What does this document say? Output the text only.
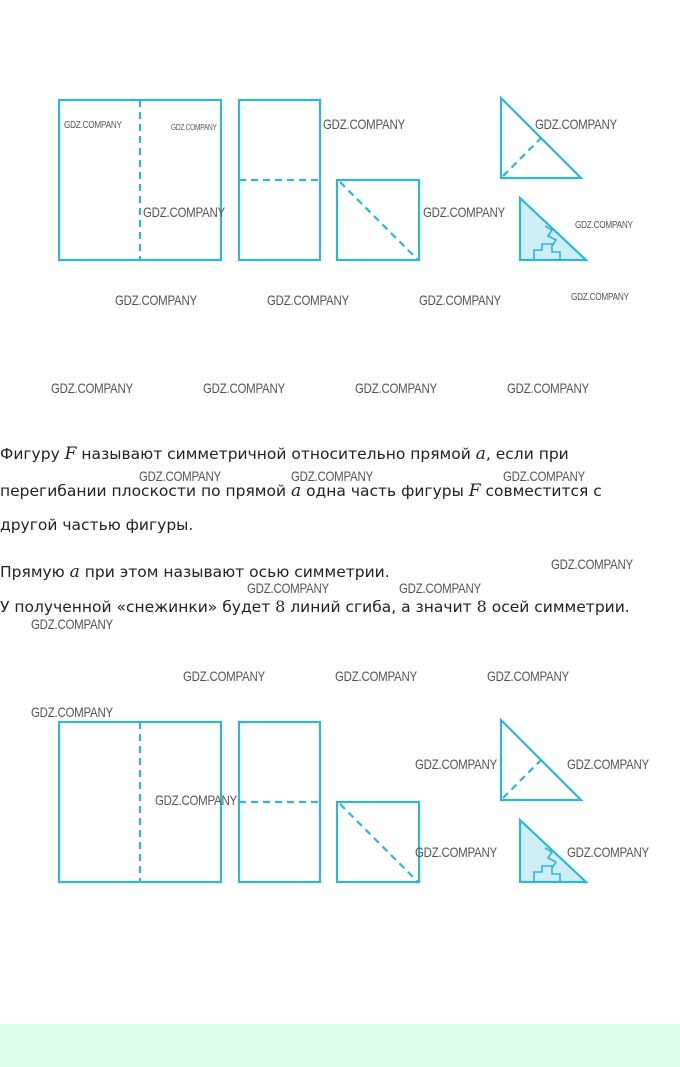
GDZ.COMPANY	GDZ.COMPANY	GDZ.COMPANY	GDZ.COMPANY
GDZ.COMPANY	GDZ.COMPANY
GDZ.COMPANY
GDZ.COMPANY	GDZ.COMPANY	GDZ.COMPANY	GDZ.COMPANY
GDZ.COMPANY	GDZ.COMPANY	GDZ.COMPANY	GDZ.COMPANY
Фигуру F называют симметричной относительно прямой a, если при
GDZ.COMPANY	GDZ.COMPANY	GDZ.COMPANY
перегибании плоскости по прямой a одна часть фигуры F совместится с
другой частью фигуры.
GDZ.COMPANY
Прямую a при этом называют осью симметрии.
GDZ.COMPANY	GDZ.COMPANY
У полученной «снежинки» будет 8 линий сгиба, а значит 8 осей симметрии.
GDZ.COMPANY
GDZ.COMPANY	GDZ.COMPANY	GDZ.COMPANY
GDZ.COMPANY
GDZ.COMPANY	GDZ.COMPANY
GDZ.COMPANY
GDZ.COMPANY	GDZ.COMPANY
